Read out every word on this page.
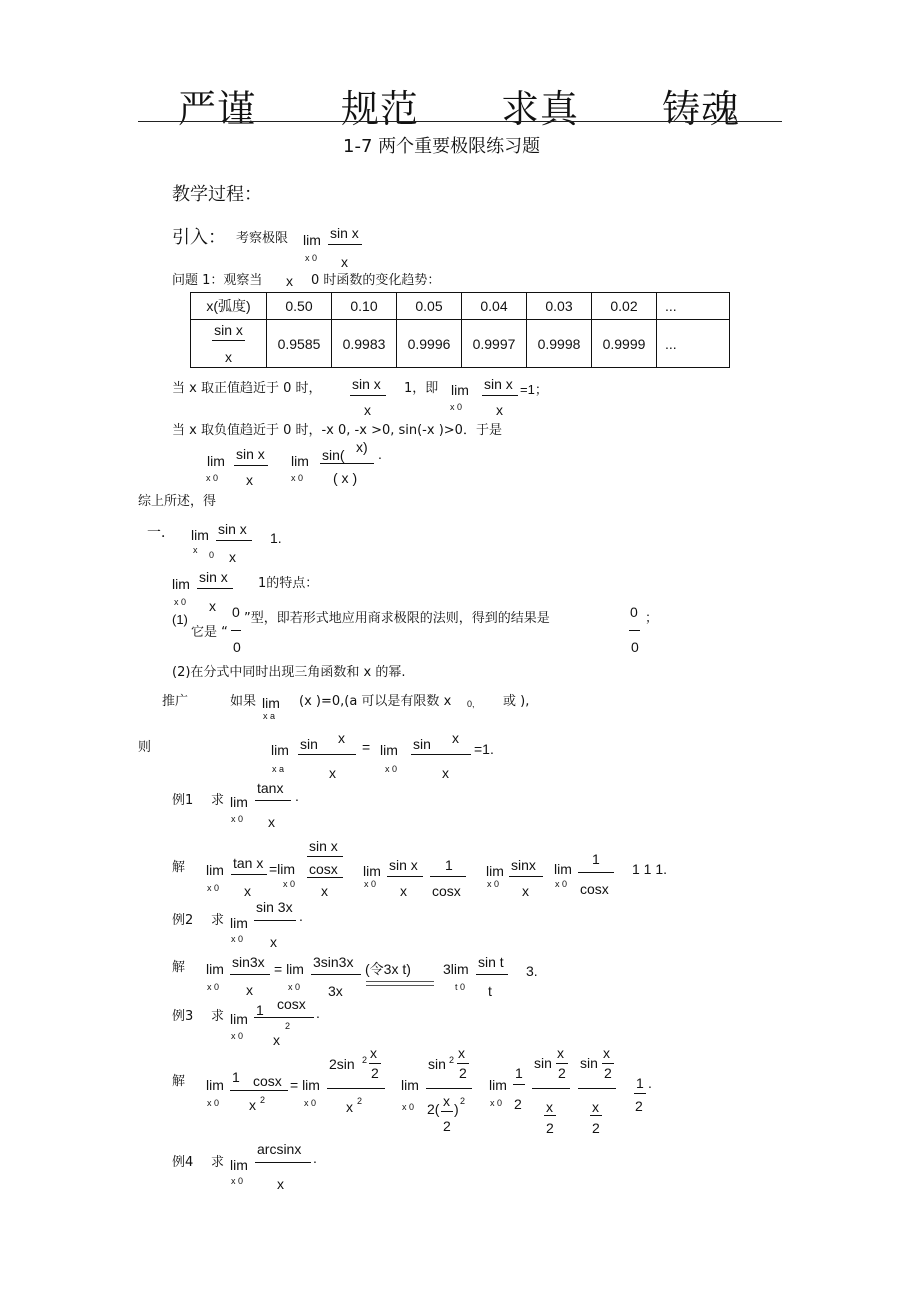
严谨 规范 求真 铸魂
1-7 两个重要极限练习题
教学过程：
引入： 考察极限 lim
x 0
sin x
x
问题 1：观察当 x 0 时函数的变化趋势：
x(弧度)	0.50	0.10	0.05	0.04	0.03	0.02	...

$\frac{\text{sin x}}{x}$	0.9585	0.9983	0.9996	0.9997	0.9998	0.9999	...
当 x 取正值趋近于 0 时， sin x
x
1，即 lim
x 0
sin x
x
=1；
当 x 取负值趋近于 0 时，-x 0, -x >0, sin(-x )>0．于是
lim
x 0
sin x
x
lim
x 0
sin( x)
( x )
.
综上所述，得
一． lim
x 0
sin x
x
1.
lim
x 0
sin x
x
1的特点：
(1)
它是 “
0
0
”型，即若形式地应用商求极限的法则，得到的结果是	0
0
；
(2)在分式中同时出现三角函数和 x 的幂.
推广	如果 lim
x a
(x )=0,(a 可以是有限数 x 0, 或 ),
则	lim
x a
sin x
x
= lim
x 0
sin x
x
=1.
例1 求 lim
x 0
tanx
x
.
解 lim
x 0
tan x
x
=lim
x 0
sin x
cosx
x
lim
x 0
sin x
x
1
cosx
lim
x 0
sinx
x
lim
x 0
1
cosx
1 1 1.
例2 求 lim
x 0
sin 3x
x
.
解 lim
x 0
sin3x
x
= lim
x 0
3sin3x
3x
(令3x t) 3lim
t 0
sin t
t
3.
例3 求 lim
x 0
1 cosx
x
2
.
解 lim
x 0
1 cosx
x 2
= lim
x 0
2sin 2 x
2
x 2
lim
x 0
sin 2 x
2
2( x
2
) 2
lim
x 0
1
2
sin
x
2
x
2
sin
x
2
x
2
1
2
.
例4 求 lim
x 0
arcsinx
x
.
